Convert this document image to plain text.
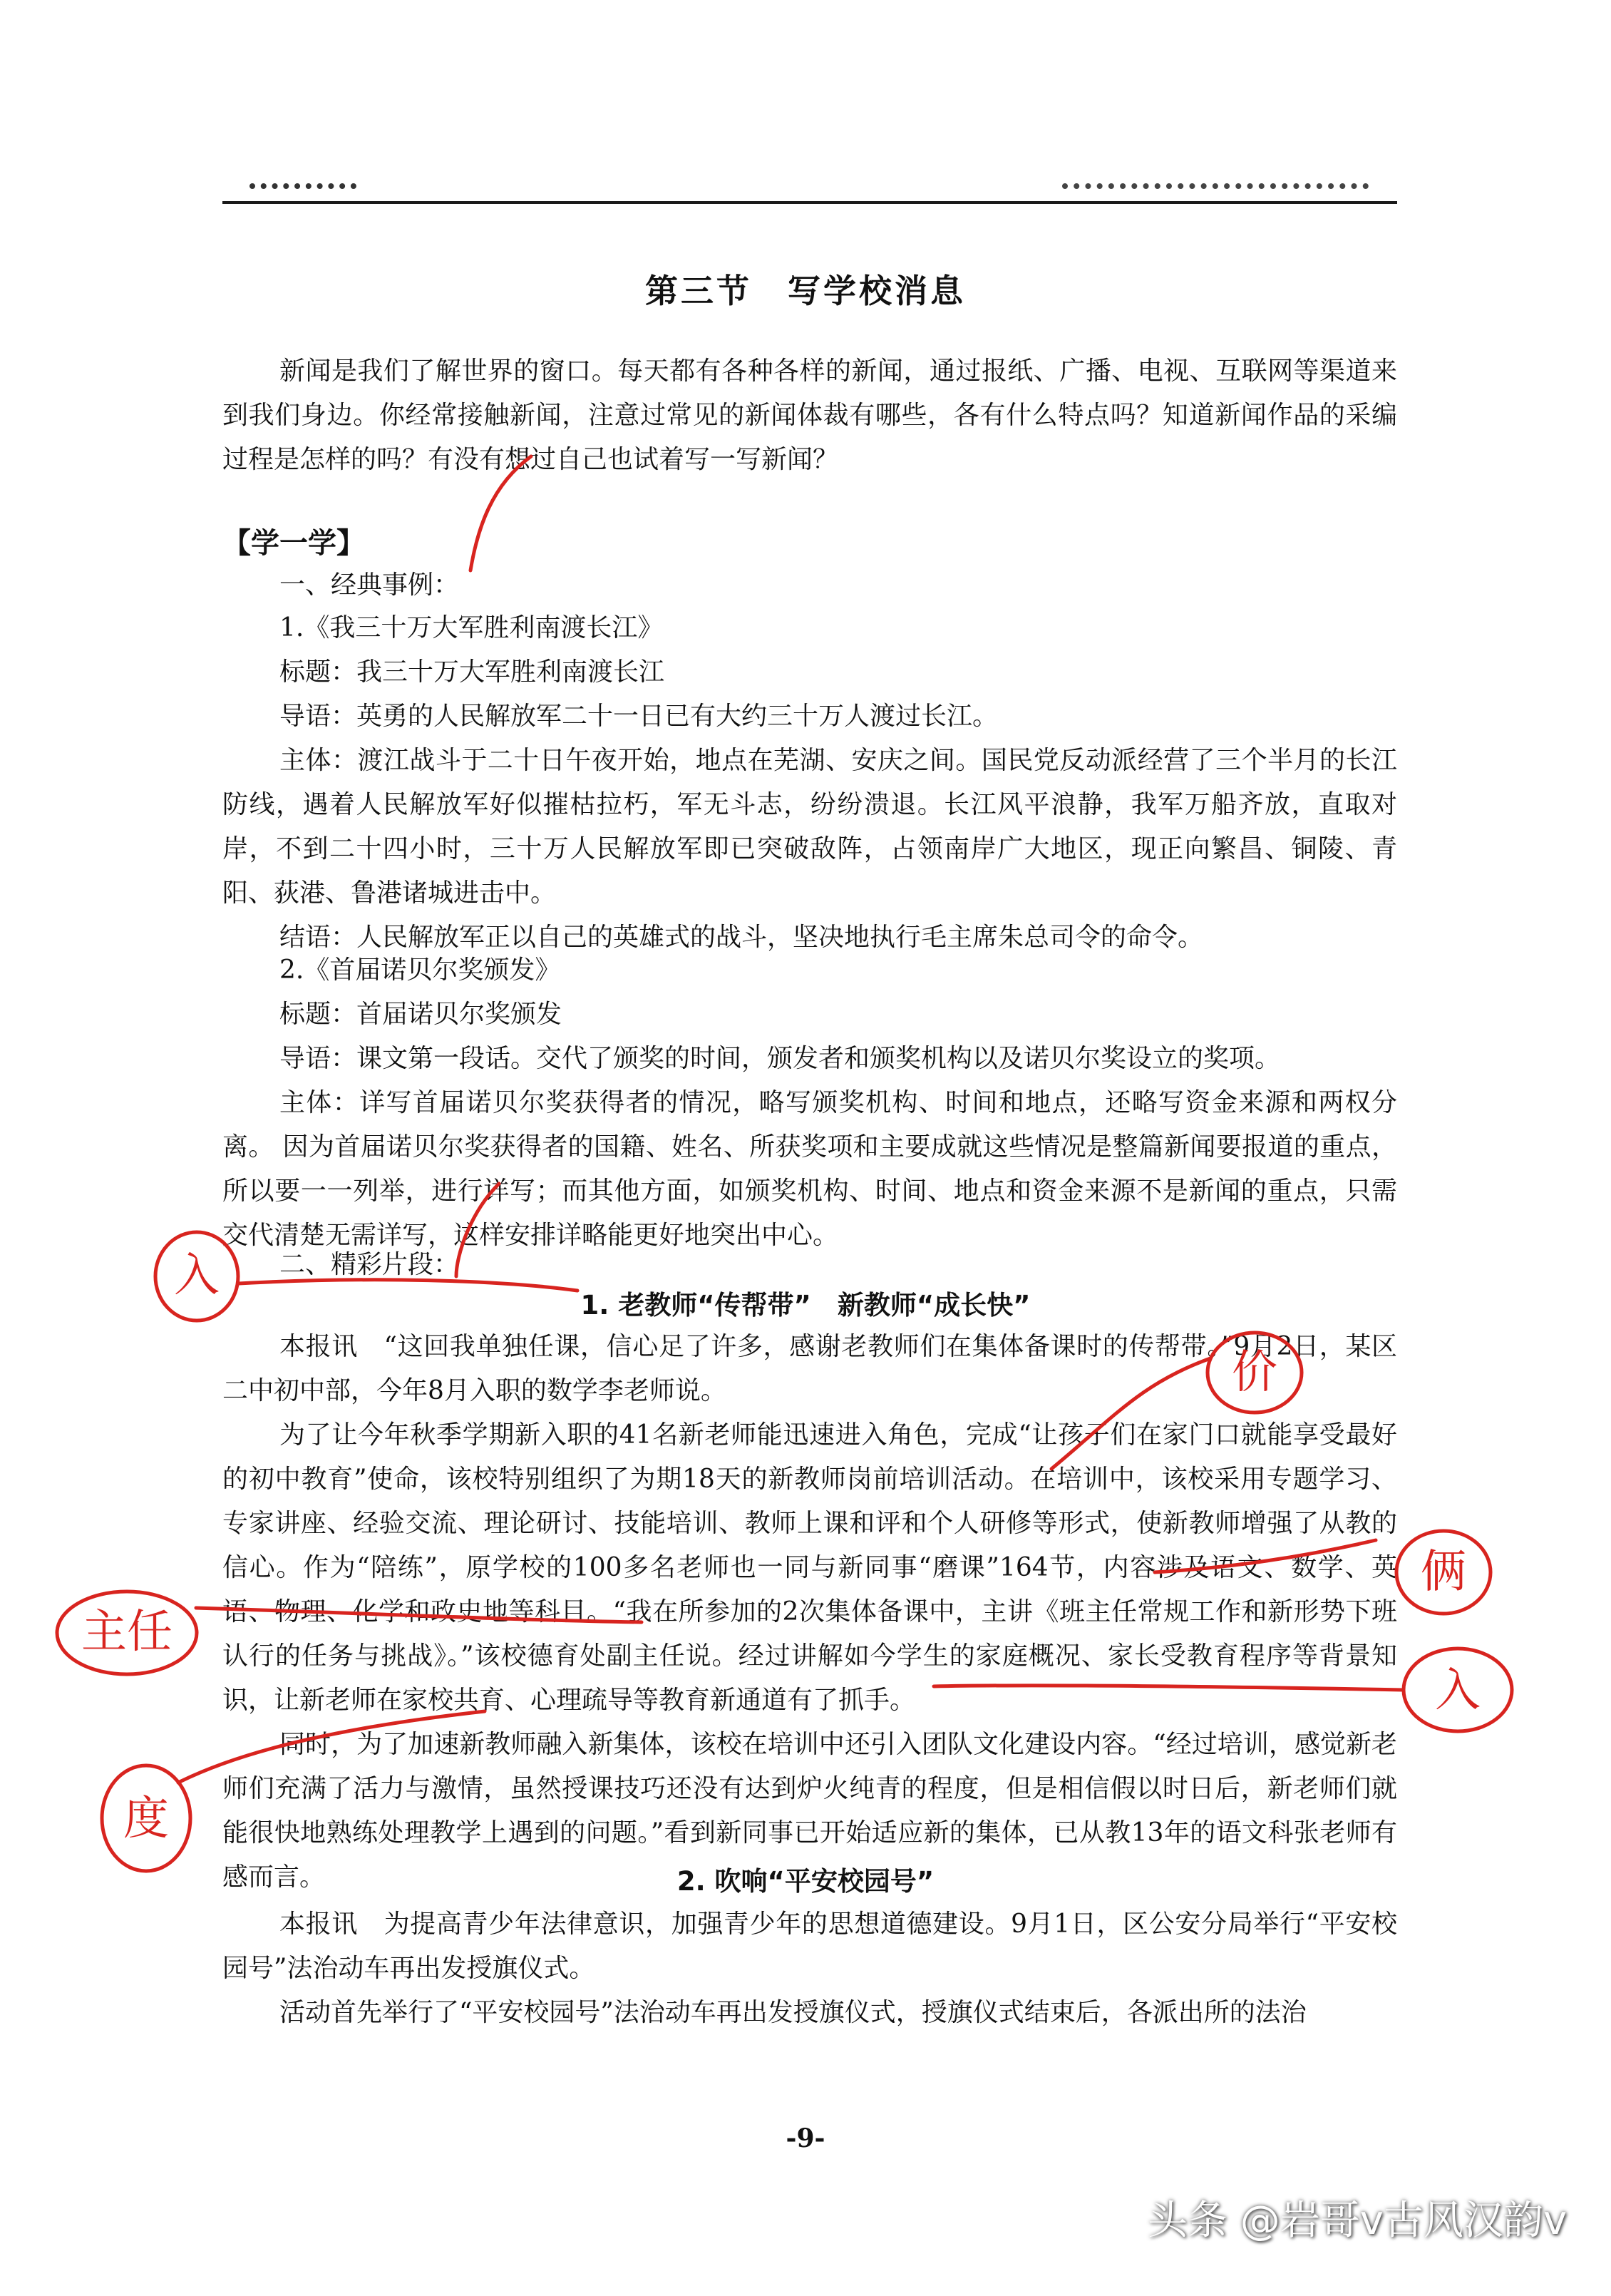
第三节　写学校消息

新闻是我们了解世界的窗口。每天都有各种各样的新闻，通过报纸、广播、电视、互联网等渠道来到我们身边。你经常接触新闻，注意过常见的新闻体裁有哪些，各有什么特点吗？知道新闻作品的采编过程是怎样的吗？有没有想过自己也试着写一写新闻？

【学一学】
一、经典事例：

1.《我三十万大军胜利南渡长江》

标题：我三十万大军胜利南渡长江

导语：英勇的人民解放军二十一日已有大约三十万人渡过长江。

主体：渡江战斗于二十日午夜开始，地点在芜湖、安庆之间。国民党反动派经营了三个半月的长江防线，遇着人民解放军好似摧枯拉朽，军无斗志，纷纷溃退。长江风平浪静，我军万船齐放，直取对岸，不到二十四小时，三十万人民解放军即已突破敌阵，占领南岸广大地区，现正向繁昌、铜陵、青阳、荻港、鲁港诸城进击中。

结语：人民解放军正以自己的英雄式的战斗，坚决地执行毛主席朱总司令的命令。

2.《首届诺贝尔奖颁发》

标题：首届诺贝尔奖颁发

导语：课文第一段话。交代了颁奖的时间，颁发者和颁奖机构以及诺贝尔奖设立的奖项。

主体：详写首届诺贝尔奖获得者的情况，略写颁奖机构、时间和地点，还略写资金来源和两权分离。 因为首届诺贝尔奖获得者的国籍、姓名、所获奖项和主要成就这些情况是整篇新闻要报道的重点，所以要一一列举，进行详写；而其他方面，如颁奖机构、时间、地点和资金来源不是新闻的重点，只需交代清楚无需详写，这样安排详略能更好地突出中心。

二、精彩片段：
1. 老教师“传帮带”　新教师“成长快”

本报讯　“这回我单独任课，信心足了许多，感谢老教师们在集体备课时的传帮带。”9月2日，某区二中初中部，今年8月入职的数学李老师说。

为了让今年秋季学期新入职的41名新老师能迅速进入角色，完成“让孩子们在家门口就能享受最好的初中教育”使命，该校特别组织了为期18天的新教师岗前培训活动。在培训中，该校采用专题学习、专家讲座、经验交流、理论研讨、技能培训、教师上课和评和个人研修等形式，使新教师增强了从教的信心。作为“陪练”，原学校的100多名老师也一同与新同事“磨课”164节，内容涉及语文、数学、英语、物理、化学和政史地等科目。“我在所参加的2次集体备课中，主讲《班主任常规工作和新形势下班认行的任务与挑战》。”该校德育处副主任说。经过讲解如今学生的家庭概况、家长受教育程序等背景知识，让新老师在家校共育、心理疏导等教育新通道有了抓手。

同时，为了加速新教师融入新集体，该校在培训中还引入团队文化建设内容。“经过培训，感觉新老师们充满了活力与激情，虽然授课技巧还没有达到炉火纯青的程度，但是相信假以时日后，新老师们就能很快地熟练处理教学上遇到的问题。”看到新同事已开始适应新的集体，已从教13年的语文科张老师有感而言。	2. 吹响“平安校园号”

本报讯　为提高青少年法律意识，加强青少年的思想道德建设。9月1日，区公安分局举行“平安校园号”法治动车再出发授旗仪式。

活动首先举行了“平安校园号”法治动车再出发授旗仪式，授旗仪式结束后，各派出所的法治

-9-
入
价
俩
主任
入
度
头条 @岩哥v古风汉韵v
